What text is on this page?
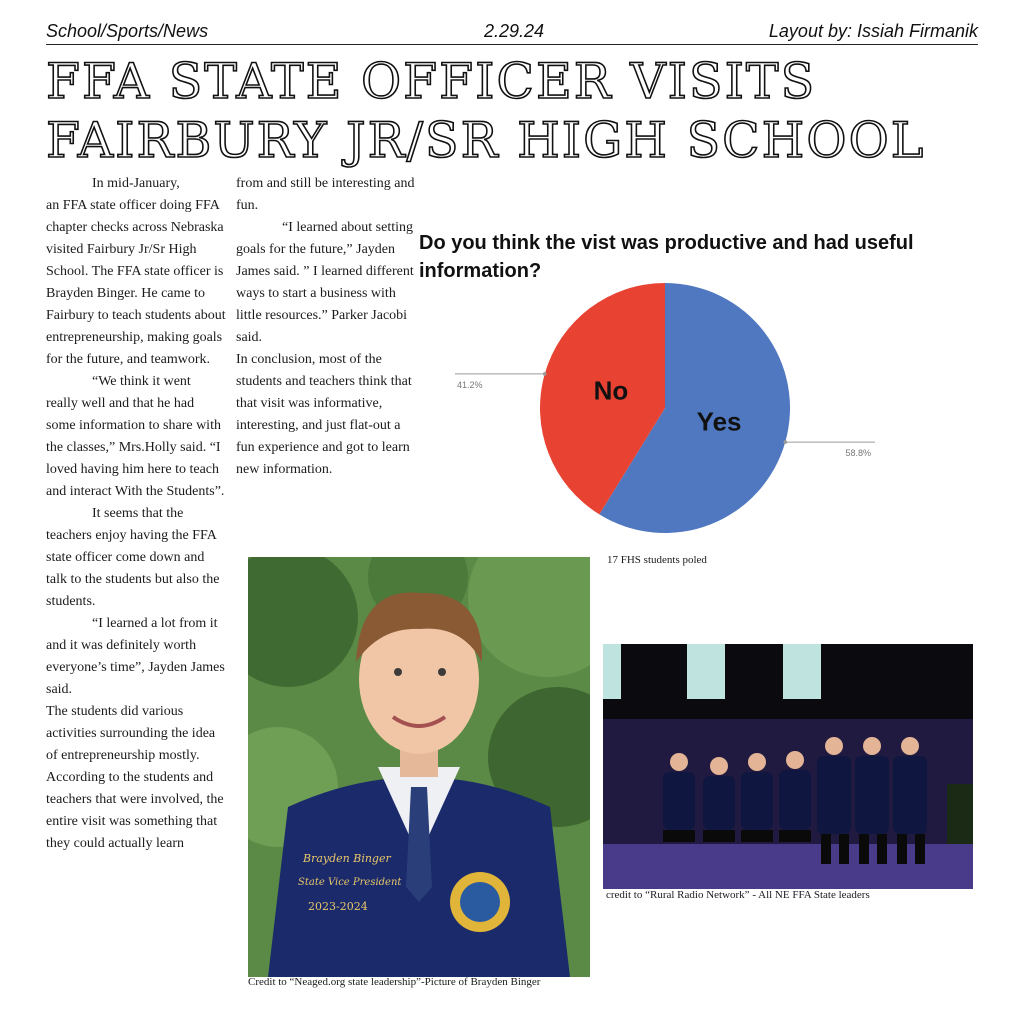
School/Sports/News	2.29.24	Layout by: Issiah Firmanik
FFA STATE OFFICER VISITS
FAIRBURY JR/SR HIGH SCHOOL

In mid-January,

an FFA state officer doing FFA chapter checks across Nebraska visited Fairbury Jr/Sr High School. The FFA state officer is Brayden Binger. He came to Fairbury to teach students about entrepreneurship, making goals for the future, and teamwork.

“We think it went really well and that he had some information to share with the classes,” Mrs.Holly said. “I loved having him here to teach and interact With the Students”.

It seems that the teachers enjoy having the FFA state officer come down and talk to the students but also the students.

“I learned a lot from it and it was definitely worth everyone’s time”, Jayden James said.

The students did various activities surrounding the idea of entrepreneurship mostly. According to the students and teachers that were involved, the entire visit was something that they could actually learn

from and still be interesting and fun.

“I learned about setting goals for the future,” Jayden James said. ” I learned different ways to start a business with little resources.” Parker Jacobi said.

In conclusion, most of the students and teachers think that that visit was informative, interesting, and just flat-out a fun experience and got to learn new information.

Do you think the vist was productive and had useful information?
Yes
58.8%
No
41.2%
17 FHS students poled
Brayden Binger
State Vice President
2023-2024
Credit to “Neaged.org state leadership”-Picture of Brayden Binger
credit to “Rural Radio Network” - All NE FFA State leaders
